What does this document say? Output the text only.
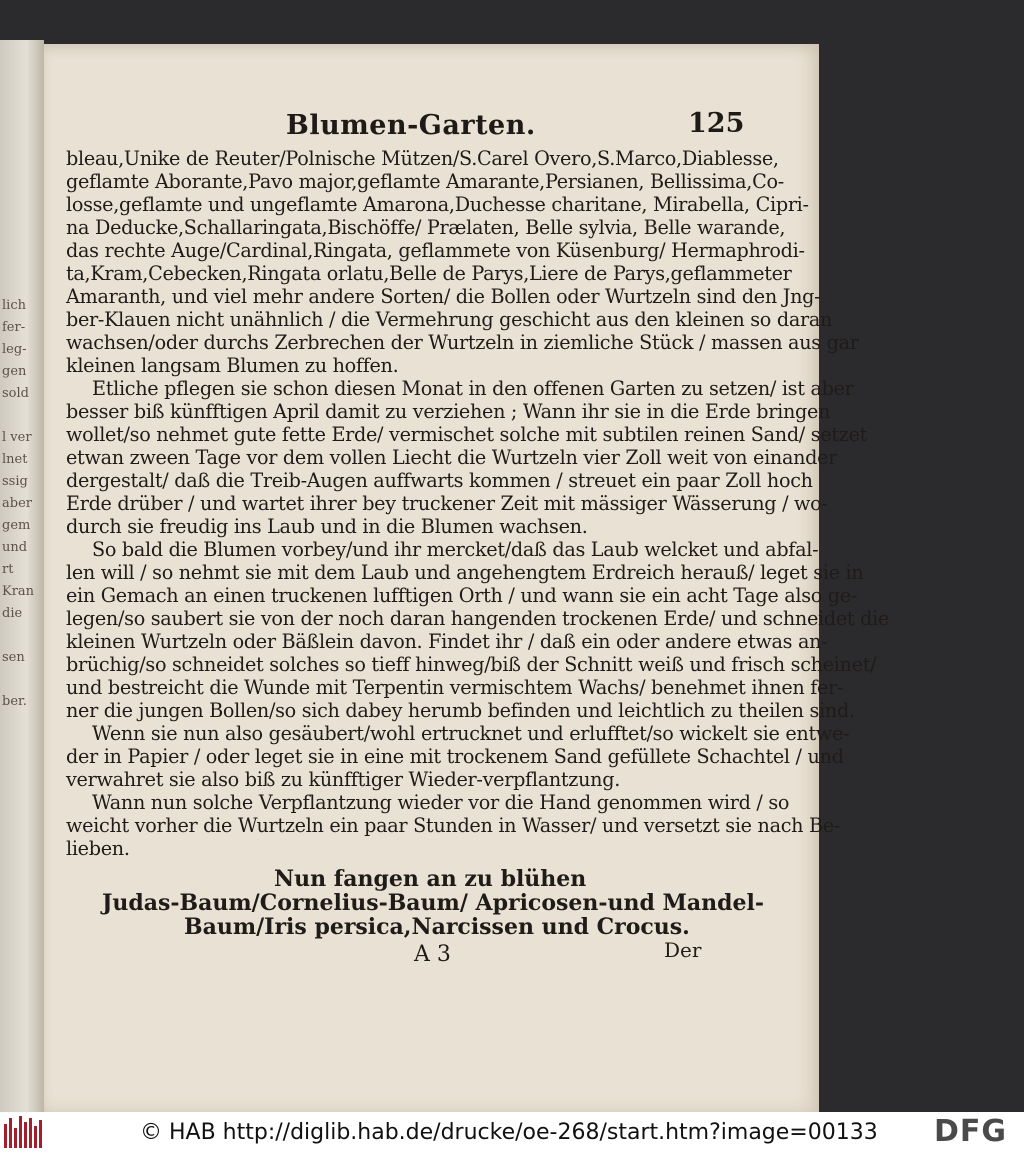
lich
fer-
leg-
gen
sold
l ver
lnet
ssig
aber
gem
und
rt
Kran
die
sen
ber.
Blumen-Garten.	125
bleau,Unike de Reuter/Polnische Mützen/S.Carel Overo,S.Marco,Diablesse,
geflamte Aborante,Pavo major,geflamte Amarante,Persianen, Bellissima,Co-
losse,geflamte und ungeflamte Amarona,Duchesse charitane, Mirabella, Cipri-
na Deducke,Schallaringata,Bischöffe/ Prælaten, Belle sylvia, Belle warande,
das rechte Auge/Cardinal,Ringata, geflammete von Küsenburg/ Hermaphrodi-
ta,Kram,Cebecken,Ringata orlatu,Belle de Parys,Liere de Parys,geflammeter
Amaranth, und viel mehr andere Sorten/ die Bollen oder Wurtzeln sind den Jng-
ber-Klauen nicht unähnlich / die Vermehrung geschicht aus den kleinen so daran
wachsen/oder durchs Zerbrechen der Wurtzeln in ziemliche Stück / massen aus gar
kleinen langsam Blumen zu hoffen.
Etliche pflegen sie schon diesen Monat in den offenen Garten zu setzen/ ist aber
besser biß künfftigen April damit zu verziehen ; Wann ihr sie in die Erde bringen
wollet/so nehmet gute fette Erde/ vermischet solche mit subtilen reinen Sand/ setzet
etwan zween Tage vor dem vollen Liecht die Wurtzeln vier Zoll weit von einander
dergestalt/ daß die Treib-Augen auffwarts kommen / streuet ein paar Zoll hoch
Erde drüber / und wartet ihrer bey truckener Zeit mit mässiger Wässerung / wo-
durch sie freudig ins Laub und in die Blumen wachsen.
So bald die Blumen vorbey/und ihr mercket/daß das Laub welcket und abfal-
len will / so nehmt sie mit dem Laub und angehengtem Erdreich herauß/ leget sie in
ein Gemach an einen truckenen lufftigen Orth / und wann sie ein acht Tage also ge-
legen/so saubert sie von der noch daran hangenden trockenen Erde/ und schneidet die
kleinen Wurtzeln oder Bäßlein davon. Findet ihr / daß ein oder andere etwas an-
brüchig/so schneidet solches so tieff hinweg/biß der Schnitt weiß und frisch scheinet/
und bestreicht die Wunde mit Terpentin vermischtem Wachs/ benehmet ihnen fer-
ner die jungen Bollen/so sich dabey herumb befinden und leichtlich zu theilen sind.
Wenn sie nun also gesäubert/wohl ertrucknet und erlufftet/so wickelt sie entwe-
der in Papier / oder leget sie in eine mit trockenem Sand gefüllete Schachtel / und
verwahret sie also biß zu künfftiger Wieder-verpflantzung.
Wann nun solche Verpflantzung wieder vor die Hand genommen wird / so
weicht vorher die Wurtzeln ein paar Stunden in Wasser/ und versetzt sie nach Be-
lieben.
Nun fangen an zu blühen
Judas-Baum/Cornelius-Baum/ Apricosen-und Mandel-
Baum/Iris persica,Narcissen und Crocus.
A 3	Der
© HAB http://diglib.hab.de/drucke/oe-268/start.htm?image=00133 DFG
